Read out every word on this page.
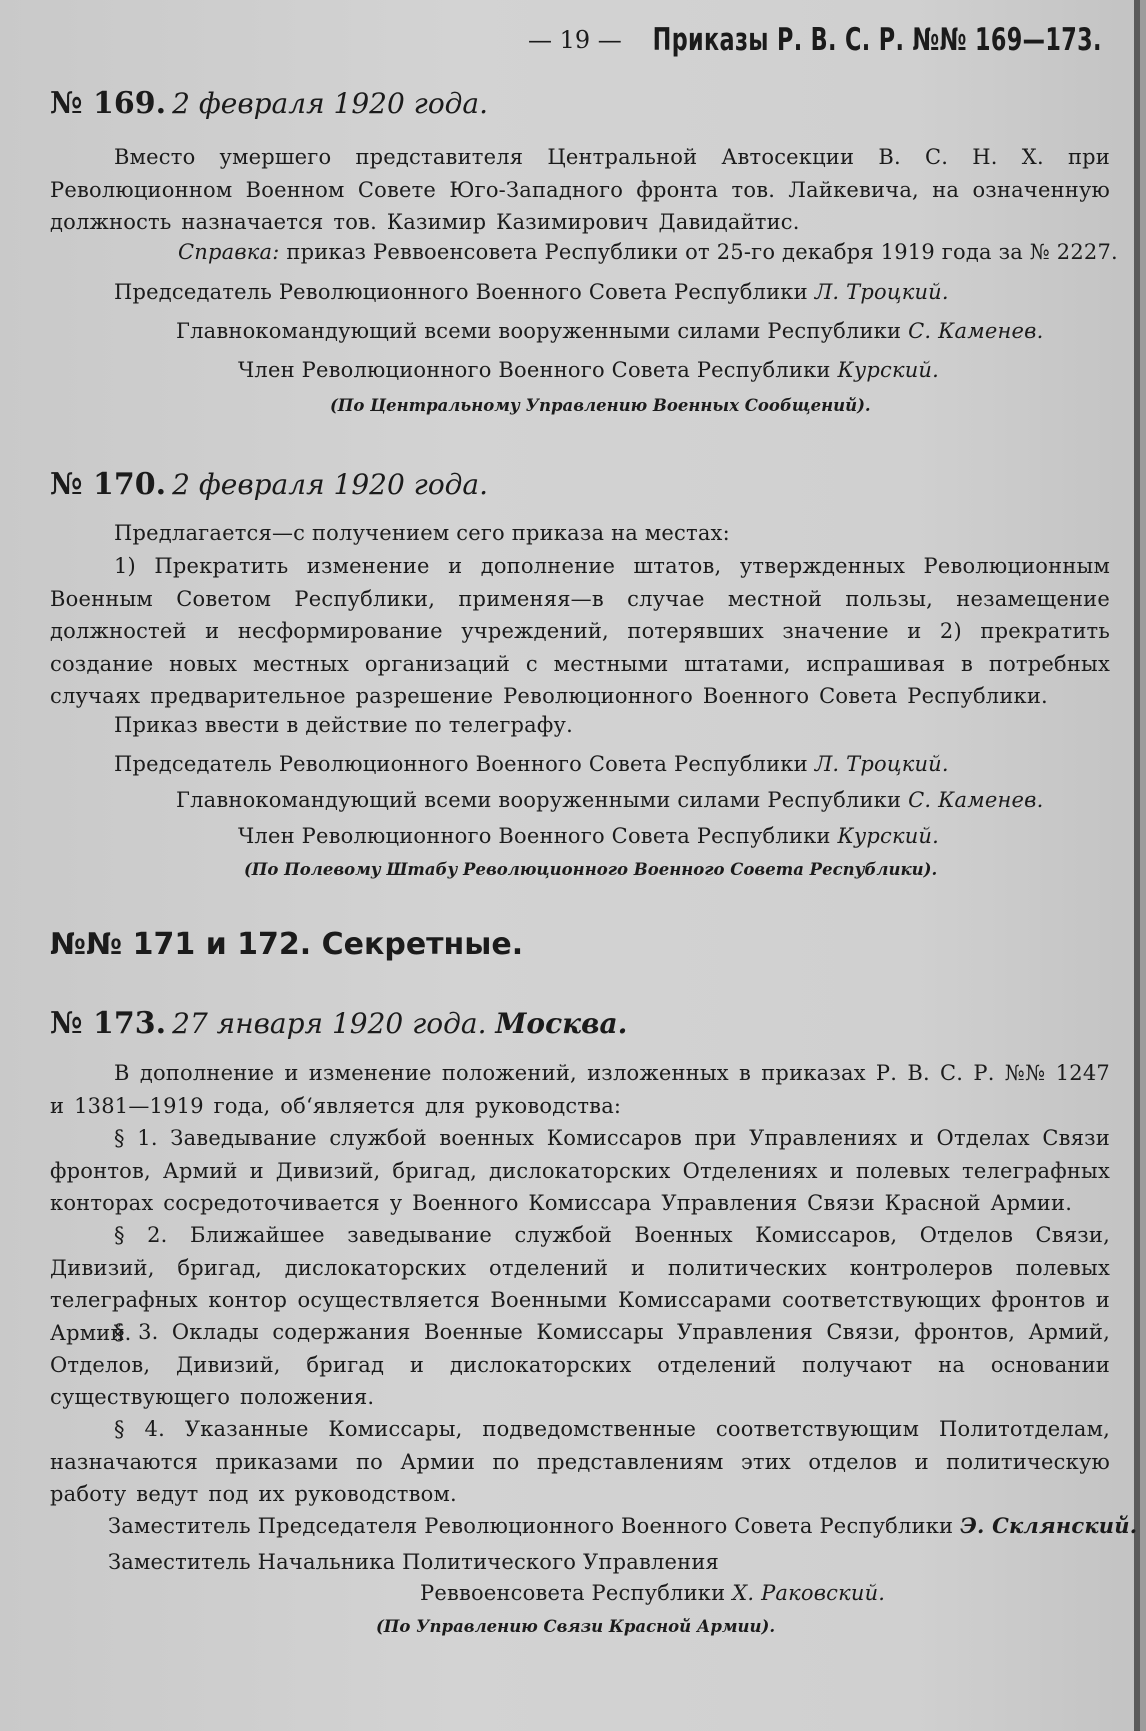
— 19 — Приказы Р. В. С. Р. №№ 169—173.
№ 169. 2 февраля 1920 года.

Вместо умершего представителя Центральной Автосекции В. С. Н. Х. при Революционном Военном Совете Юго-Западного фронта тов. Лайкевича, на означенную должность назначается тов. Казимир Казимирович Давидайтис.

Справка: приказ Реввоенсовета Республики от 25-го декабря 1919 года за № 2227.
Председатель Революционного Военного Совета Республики Л. Троцкий.
Главнокомандующий всеми вооруженными силами Республики С. Каменев.
Член Революционного Военного Совета Республики Курский.
(По Центральному Управлению Военных Сообщений).
№ 170. 2 февраля 1920 года.
Предлагается—с получением сего приказа на местах:

1) Прекратить изменение и дополнение штатов, утвержденных Революционным Военным Советом Республики, применяя—в случае местной пользы, незамещение должностей и несформирование учреждений, потерявших значение и 2) прекратить создание новых местных организаций с местными штатами, испрашивая в потребных случаях предварительное разрешение Революционного Военного Совета Республики.

Приказ ввести в действие по телеграфу.
Председатель Революционного Военного Совета Республики Л. Троцкий.
Главнокомандующий всеми вооруженными силами Республики С. Каменев.
Член Революционного Военного Совета Республики Курский.
(По Полевому Штабу Революционного Военного Совета Республики).
№№ 171 и 172. Секретные.
№ 173. 27 января 1920 года. Москва.

В дополнение и изменение положений, изложенных в приказах Р. В. С. Р. №№ 1247 и 1381—1919 года, об‘является для руководства:

§ 1. Заведывание службой военных Комиссаров при Управлениях и Отделах Связи фронтов, Армий и Дивизий, бригад, дислокаторских Отделениях и полевых телеграфных конторах сосредоточивается у Военного Комиссара Управления Связи Красной Армии.

§ 2. Ближайшее заведывание службой Военных Комиссаров, Отделов Связи, Дивизий, бригад, дислокаторских отделений и политических контролеров полевых телеграфных контор осуществляется Военными Комиссарами соответствующих фронтов и Армий.

§ 3. Оклады содержания Военные Комиссары Управления Связи, фронтов, Армий, Отделов, Дивизий, бригад и дислокаторских отделений получают на основании существующего положения.

§ 4. Указанные Комиссары, подведомственные соответствующим Политотделам, назначаются приказами по Армии по представлениям этих отделов и политическую работу ведут под их руководством.

Заместитель Председателя Революционного Военного Совета Республики Э. Склянский.
Заместитель Начальника Политического Управления
Реввоенсовета Республики Х. Раковский.
(По Управлению Связи Красной Армии).
